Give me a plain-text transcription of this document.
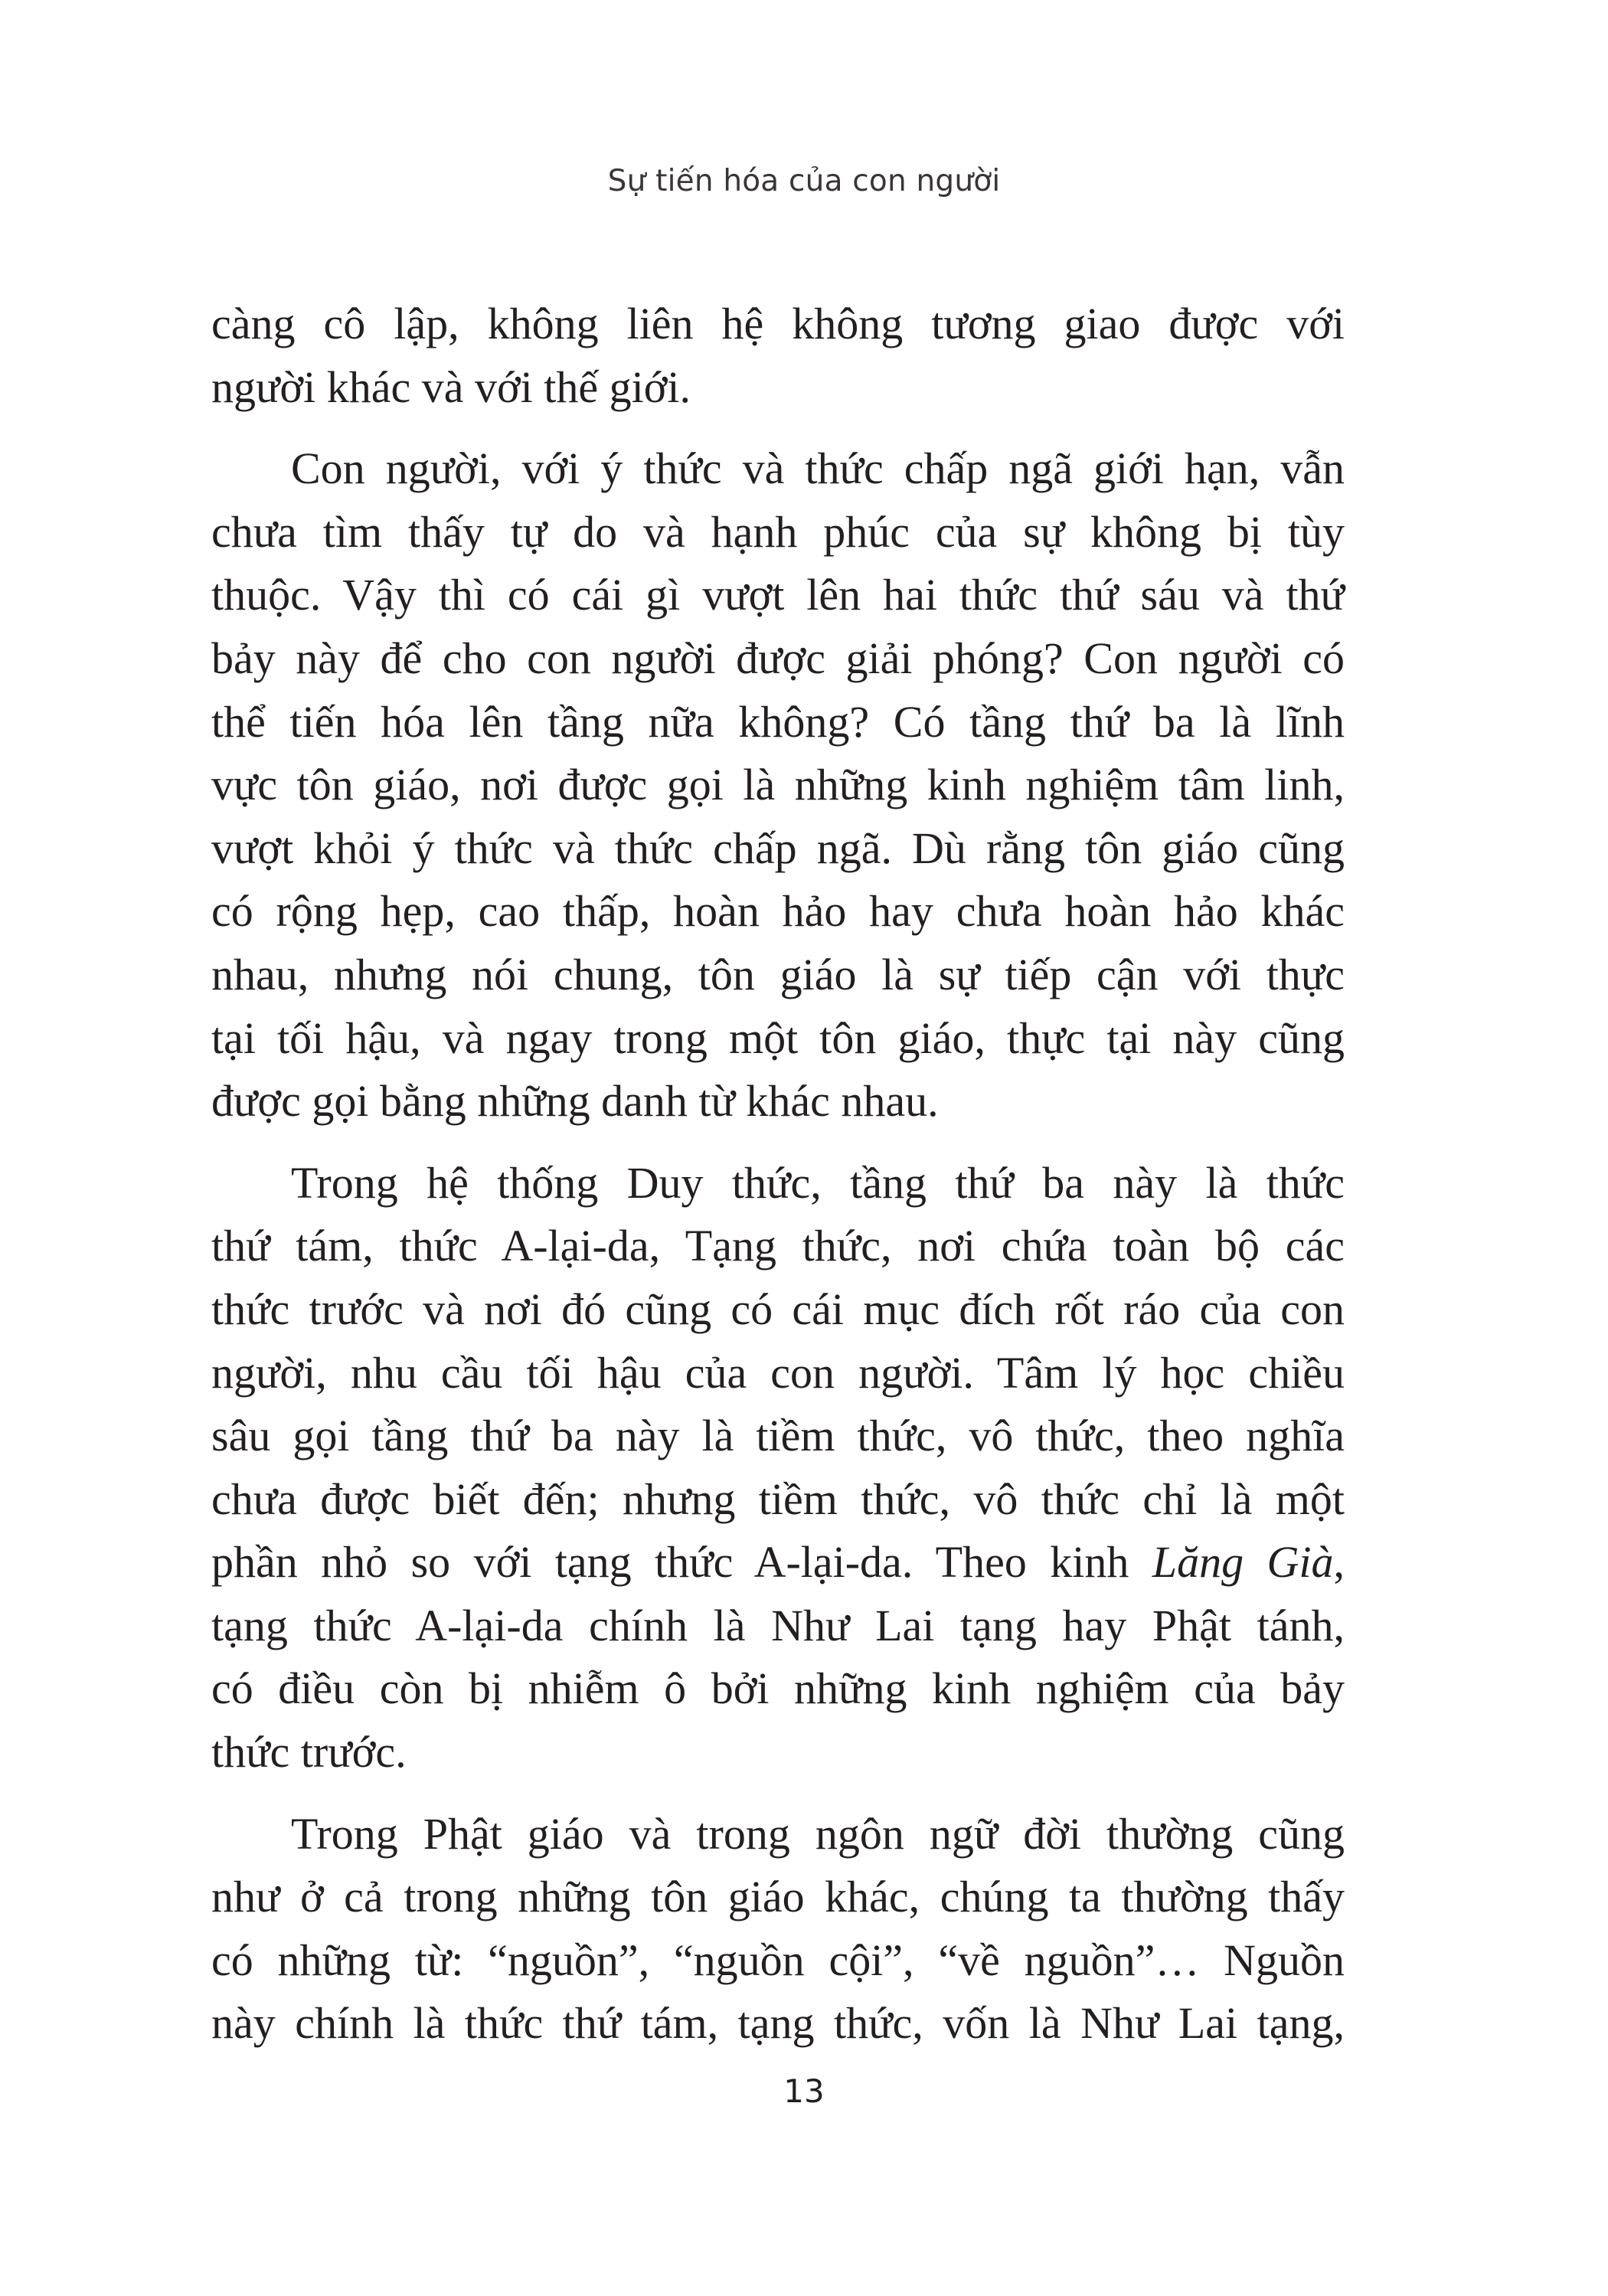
Sự tiến hóa của con người

càng cô lập, không liên hệ không tương giao được với
người khác và với thế giới.

Con người, với ý thức và thức chấp ngã giới hạn, vẫn
chưa tìm thấy tự do và hạnh phúc của sự không bị tùy
thuộc. Vậy thì có cái gì vượt lên hai thức thứ sáu và thứ
bảy này để cho con người được giải phóng? Con người có
thể tiến hóa lên tầng nữa không? Có tầng thứ ba là lĩnh
vực tôn giáo, nơi được gọi là những kinh nghiệm tâm linh,
vượt khỏi ý thức và thức chấp ngã. Dù rằng tôn giáo cũng
có rộng hẹp, cao thấp, hoàn hảo hay chưa hoàn hảo khác
nhau, nhưng nói chung, tôn giáo là sự tiếp cận với thực
tại tối hậu, và ngay trong một tôn giáo, thực tại này cũng
được gọi bằng những danh từ khác nhau.

Trong hệ thống Duy thức, tầng thứ ba này là thức
thứ tám, thức A-lại-da, Tạng thức, nơi chứa toàn bộ các
thức trước và nơi đó cũng có cái mục đích rốt ráo của con
người, nhu cầu tối hậu của con người. Tâm lý học chiều
sâu gọi tầng thứ ba này là tiềm thức, vô thức, theo nghĩa
chưa được biết đến; nhưng tiềm thức, vô thức chỉ là một
phần nhỏ so với tạng thức A-lại-da. Theo kinh Lăng Già,
tạng thức A-lại-da chính là Như Lai tạng hay Phật tánh,
có điều còn bị nhiễm ô bởi những kinh nghiệm của bảy
thức trước.

Trong Phật giáo và trong ngôn ngữ đời thường cũng
như ở cả trong những tôn giáo khác, chúng ta thường thấy
có những từ: “nguồn”, “nguồn cội”, “về nguồn”… Nguồn
này chính là thức thứ tám, tạng thức, vốn là Như Lai tạng,

13
